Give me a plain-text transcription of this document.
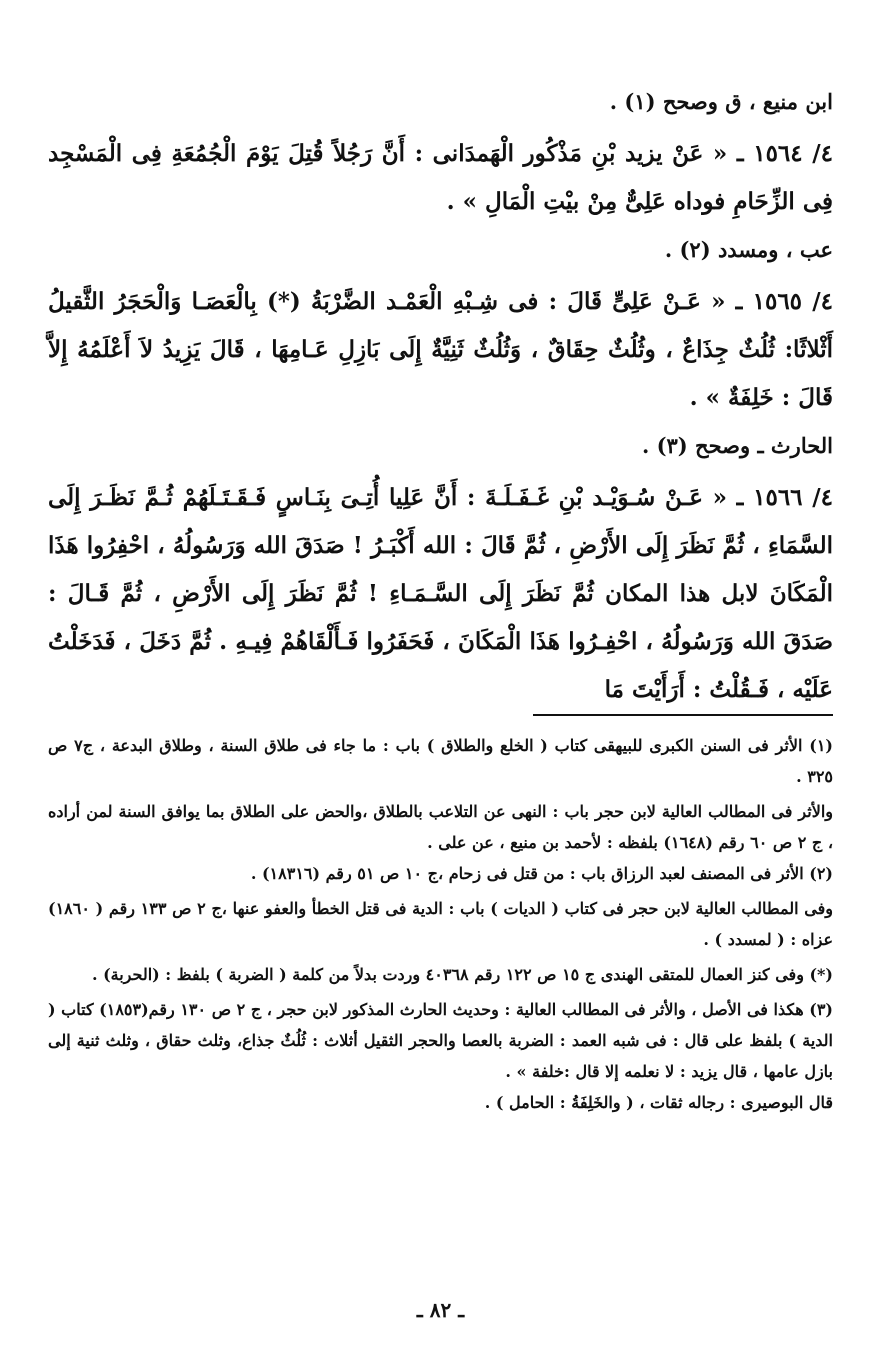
ابن منيع ، ق وصحح (١) .

٤/ ١٥٦٤ ـ « عَنْ يزيد بْنِ مَذْكُور الْهَمدَانى : أَنَّ رَجُلاً قُتِلَ يَوْمَ الْجُمُعَةِ فِى الْمَسْجِد فِى الزِّحَامِ فوداه عَلِىٌّ مِنْ بيْتِ الْمَالِ » .

عب ، ومسدد (٢) .

٤/ ١٥٦٥ ـ « عَـنْ عَلِىٍّ قَالَ : فى شِـبْهِ الْعَمْـد الضَّرْبَةُ (*) بِالْعَصَـا وَالْحَجَرُ الثَّقيلُ أَثْلاثًا: ثُلُثٌ جِذَاعٌ ، وثُلُثٌ حِقَاقٌ ، وَثُلُثٌ ثَنِيَّةٌ إِلَى بَازِلِ عَـامِهَا ، قَالَ يَزِيدُ لاَ أَعْلَمُهُ إِلاَّ قَالَ : خَلِفَةٌ » .

الحارث ـ وصحح (٣) .

٤/ ١٥٦٦ ـ « عَـنْ سُـوَيْـد بْنِ غَـفَـلَـةَ : أَنَّ عَلِيا أُتِـىَ بِنَـاسٍ فَـقَـتَـلَهُمْ ثُـمَّ نَظَـرَ إِلَى السَّمَاءِ ، ثُمَّ نَظَرَ إِلَى الأَرْضِ ، ثُمَّ قَالَ : الله أَكْبَـرُ ! صَدَقَ الله وَرَسُولُهُ ، احْفِرُوا هَذَا الْمَكَانَ لابل هذا المكان ثُمَّ نَظَرَ إِلَى السَّـمَـاءِ ! ثُمَّ نَظَرَ إِلَى الأَرْضِ ، ثُمَّ قَـالَ : صَدَقَ الله وَرَسُولُهُ ، احْفِـرُوا هَذَا الْمَكَانَ ، فَحَفَرُوا فَـأَلْقَاهُمْ فِيـهِ . ثُمَّ دَخَلَ ، فَدَخَلْتُ عَلَيْه ، فَـقُلْتُ : أَرَأَيْتَ مَا

(١) الأثر فى السنن الكبرى للبيهقى كتاب ( الخلع والطلاق ) باب : ما جاء فى طلاق السنة ، وطلاق البدعة ، ج٧ ص ٣٢٥ .

والأثر فى المطالب العالية لابن حجر باب : النهى عن التلاعب بالطلاق ،والحض على الطلاق بما يوافق السنة لمن أراده ، ج ٢ ص ٦٠ رقم (١٦٤٨) بلفظه : لأحمد بن منيع ، عن على .

(٢) الأثر فى المصنف لعبد الرزاق باب : من قتل فى زحام ،ج ١٠ ص ٥١ رقم (١٨٣١٦) .

وفى المطالب العالية لابن حجر فى كتاب ( الديات ) باب : الدية فى قتل الخطأ والعفو عنها ،ج ٢ ص ١٣٣ رقم ( ١٨٦٠) عزاه : ( لمسدد ) .

(*) وفى كنز العمال للمتقى الهندى ج ١٥ ص ١٢٢ رقم ٤٠٣٦٨ وردت بدلاً من كلمة ( الضربة ) بلفظ : (الحربة) .

(٣) هكذا فى الأصل ، والأثر فى المطالب العالية : وحديث الحارث المذكور لابن حجر ، ج ٢ ص ١٣٠ رقم(١٨٥٣) كتاب ( الدية ) بلفظ على قال : فى شبه العمد : الضربة بالعصا والحجر الثقيل أثلاث : ثُلُثٌ جذاع، وثلث حقاق ، وثلث ثنية إلى بازل عامها ، قال يزيد : لا نعلمه إلا قال :خلفة » .

قال البوصيرى : رجاله ثقات ، ( والخَلِفَةُ : الحامل ) .

ـ ٨٢ ـ
